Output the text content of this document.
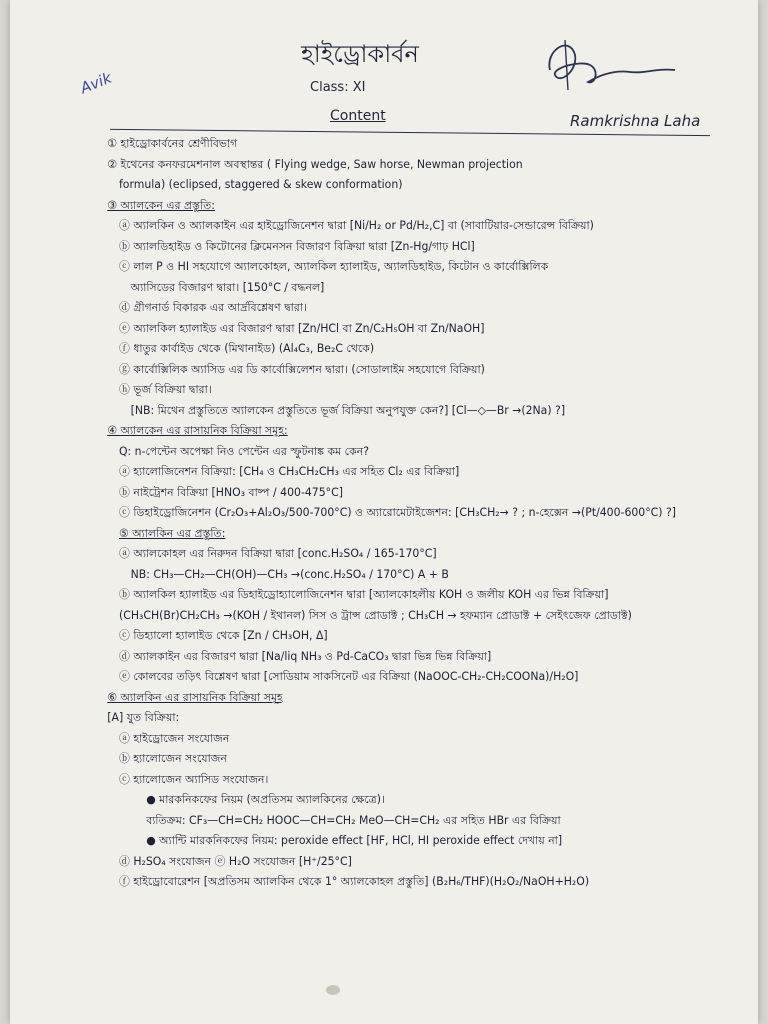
হাইড্রোকার্বন
Class: XI
Content
Avik
Ramkrishna Laha
① হাইড্রোকার্বনের শ্রেণীবিভাগ
② ইথেনের কনফরমেশনাল অবস্থান্তর ( Flying wedge, Saw horse, Newman projection
formula) (eclipsed, staggered & skew conformation)
③ অ্যালকেন এর প্রস্তুতি:
ⓐ অ্যালকিন ও অ্যালকাইন এর হাইড্রোজিনেশন দ্বারা [Ni/H₂ or Pd/H₂,C] বা (সাবাটিয়ার-সেন্ডারেন্স বিক্রিয়া)
ⓑ অ্যালডিহাইড ও কিটোনের ক্লিমেনসন বিজারণ বিক্রিয়া দ্বারা [Zn-Hg/গাঢ় HCl]
ⓒ লাল P ও HI সহযোগে অ্যালকোহল, অ্যালকিল হ্যালাইড, অ্যালডিহাইড, কিটোন ও কার্বোক্সিলিক
অ্যাসিডের বিজারণ দ্বারা। [150°C / বদ্ধনল]
ⓓ গ্রীগনার্ড বিকারক এর আর্দ্রবিশ্লেষণ দ্বারা।
ⓔ অ্যালকিল হ্যালাইড এর বিজারণ দ্বারা [Zn/HCl বা Zn/C₂H₅OH বা Zn/NaOH]
ⓕ ধাতুর কার্বাইড থেকে (মিথানাইড) (Al₄C₃, Be₂C থেকে)
ⓖ কার্বোক্সিলিক অ্যাসিড এর ডি কার্বোক্সিলেশন দ্বারা। (সোডালাইম সহযোগে বিক্রিয়া)
ⓗ ভূর্জ বিক্রিয়া দ্বারা।
[NB: মিথেন প্রস্তুতিতে অ্যালকেন প্রস্তুতিতে ভূর্জ বিক্রিয়া অনুপযুক্ত কেন?] [Cl—◇—Br →(2Na) ?]
④ অ্যালকেন এর রাসায়নিক বিক্রিয়া সমূহ:
Q: n-পেন্টেন অপেক্ষা নিও পেন্টেন এর স্ফুটনাঙ্ক কম কেন?
ⓐ হ্যালোজিনেশন বিক্রিয়া: [CH₄ ও CH₃CH₂CH₃ এর সহিত Cl₂ এর বিক্রিয়া]
ⓑ নাইট্রেশন বিক্রিয়া [HNO₃ বাষ্প / 400-475°C]
ⓒ ডিহাইড্রোজিনেশন (Cr₂O₃+Al₂O₃/500-700°C) ও অ্যারোমেটাইজেশন: [CH₃CH₂→ ? ; n-হেক্সেন →(Pt/400-600°C) ?]
⑤ অ্যালকিন এর প্রস্তুতি:
ⓐ অ্যালকোহল এর নিরুদন বিক্রিয়া দ্বারা [conc.H₂SO₄ / 165-170°C]
NB: CH₃—CH₂—CH(OH)—CH₃ →(conc.H₂SO₄ / 170°C) A + B
ⓑ অ্যালকিল হ্যালাইড এর ডিহাইড্রোহ্যালোজিনেশন দ্বারা [অ্যালকোহলীয় KOH ও জলীয় KOH এর ভিন্ন বিক্রিয়া]
(CH₃CH(Br)CH₂CH₃ →(KOH / ইথানল) সিস ও ট্রান্স প্রোডাক্ট ; CH₃CH → হফম্যান প্রোডাক্ট + সেইৎজেফ প্রোডাক্ট)
ⓒ ডিহ্যালো হ্যালাইড থেকে [Zn / CH₃OH, Δ]
ⓓ অ্যালকাইন এর বিজারণ দ্বারা [Na/liq NH₃ ও Pd-CaCO₃ দ্বারা ভিন্ন ভিন্ন বিক্রিয়া]
ⓔ কোলবের তড়িৎ বিশ্লেষণ দ্বারা [সোডিয়াম সাকসিনেট এর বিক্রিয়া (NaOOC-CH₂-CH₂COONa)/H₂O]
⑥ অ্যালকিন এর রাসায়নিক বিক্রিয়া সমূহ
[A] যুত বিক্রিয়া:
ⓐ হাইড্রোজেন সংযোজন
ⓑ হ্যালোজেন সংযোজন
ⓒ হ্যালোজেন অ্যাসিড সংযোজন।
● মারকনিকফের নিয়ম (অপ্রতিসম অ্যালকিনের ক্ষেত্রে)।
ব্যতিক্রম: CF₃—CH=CH₂ HOOC—CH=CH₂ MeO—CH=CH₂ এর সহিত HBr এর বিক্রিয়া
● অ্যান্টি মারকনিকফের নিয়ম: peroxide effect [HF, HCl, HI peroxide effect দেখায় না]
ⓓ H₂SO₄ সংযোজন ⓔ H₂O সংযোজন [H⁺/25°C]
ⓕ হাইড্রোবোরেশন [অপ্রতিসম অ্যালকিন থেকে 1° অ্যালকোহল প্রস্তুতি] (B₂H₆/THF)(H₂O₂/NaOH+H₂O)
